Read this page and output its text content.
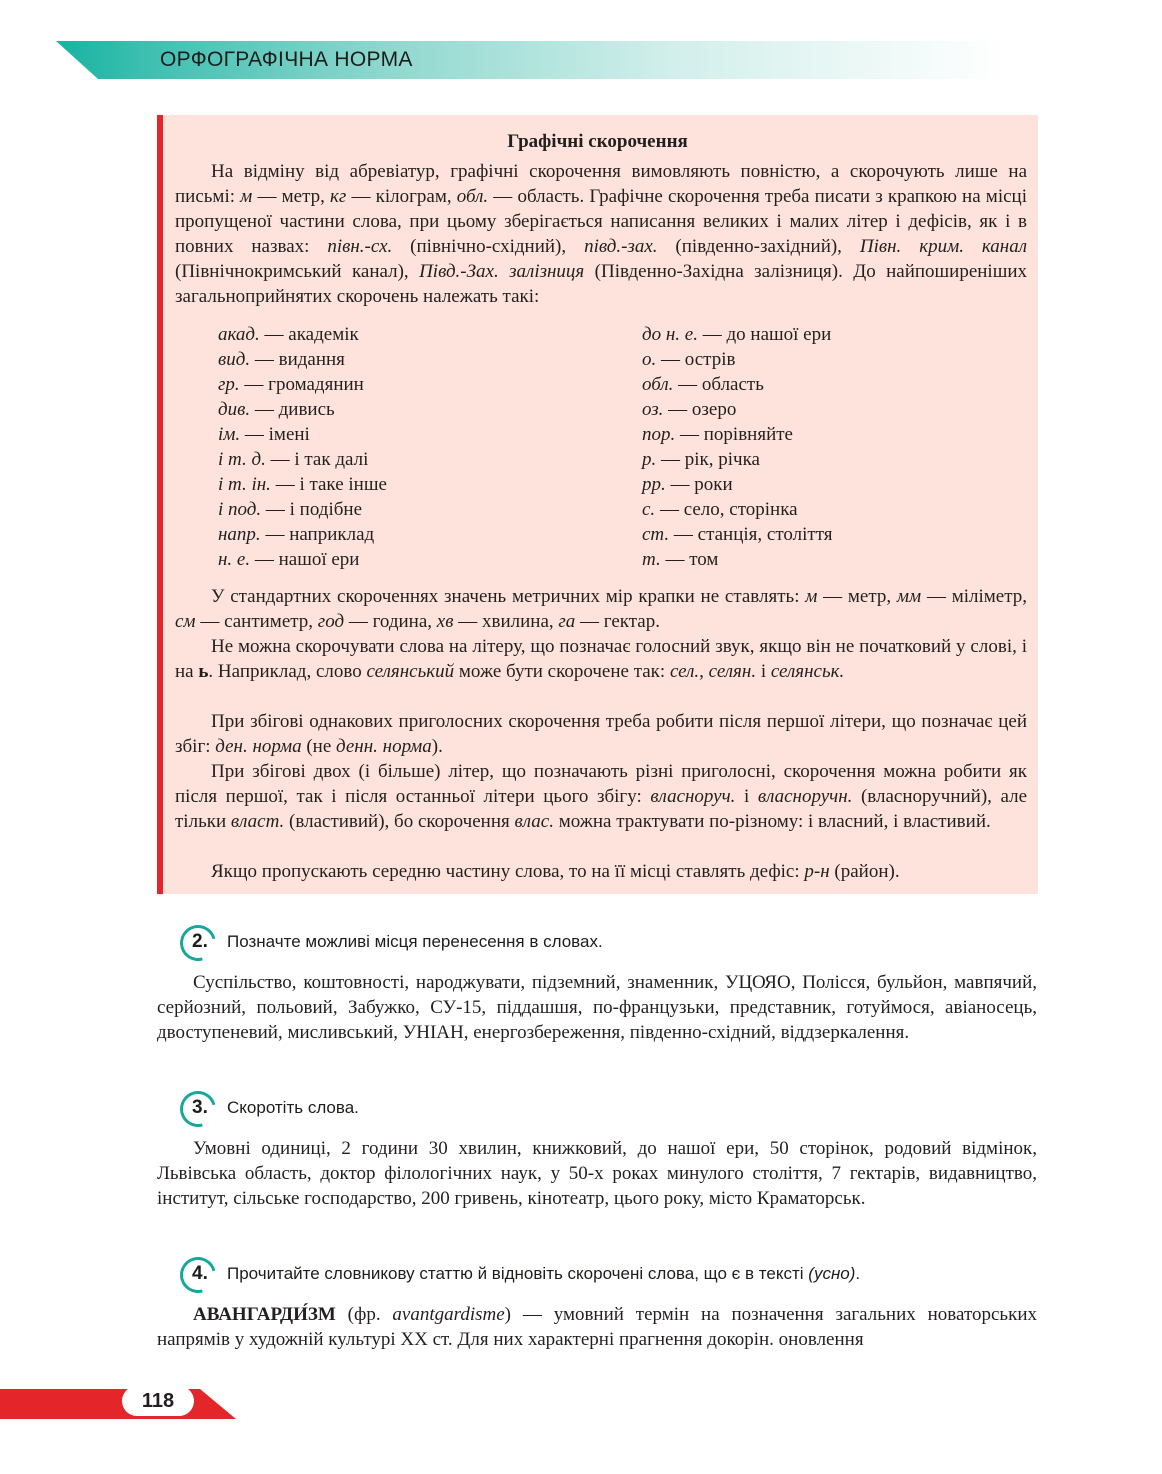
ОРФОГРАФІЧНА НОРМА
Графічні скорочення
На відміну від абревіатур, графічні скорочення вимовляють повністю, а скорочують лише на письмі: м — метр, кг — кілограм, обл. — область. Графічне скорочення треба писати з крапкою на місці пропущеної частини слова, при цьому зберігається написання великих і малих літер і дефісів, як і в повних назвах: півн.-сх. (північно-східний), півд.-зах. (південно-західний), Півн. крим. канал (Північнокримський канал), Півд.-Зах. залізниця (Південно-Західна залізниця). До найпоширеніших загальноприйнятих скорочень належать такі:
акад. — академік
вид. — видання
гр. — громадянин
див. — дивись
ім. — імені
і т. д. — і так далі
і т. ін. — і таке інше
і под. — і подібне
напр. — наприклад
н. е. — нашої ери
до н. е. — до нашої ери
о. — острів
обл. — область
оз. — озеро
пор. — порівняйте
р. — рік, річка
рр. — роки
с. — село, сторінка
ст. — станція, століття
т. — том
У стандартних скороченнях значень метричних мір крапки не ставлять: м — метр, мм — міліметр, см — сантиметр, год — година, хв — хвилина, га — гектар.
Не можна скорочувати слова на літеру, що позначає голосний звук, якщо він не початковий у слові, і на ь. Наприклад, слово селянський може бути скорочене так: сел., селян. і селянськ.
При збігові однакових приголосних скорочення треба робити після першої літери, що позначає цей збіг: ден. норма (не денн. норма).
При збігові двох (і більше) літер, що позначають різні приголосні, скорочення можна робити як після першої, так і після останньої літери цього збігу: власноруч. і власноручн. (власноручний), але тільки власт. (властивий), бо скорочення влас. можна трактувати по-різному: і власний, і властивий.
Якщо пропускають середню частину слова, то на її місці ставлять дефіс: р-н (район).
2. Позначте можливі місця перенесення в словах.
Суспільство, коштовності, народжувати, підземний, знаменник, УЦОЯО, Полісся, бульйон, мавпячий, серйозний, польовий, Забужко, СУ-15, піддашшя, по-французьки, представник, готуймося, авіаносець, двоступеневий, мисливський, УНІАН, енергозбереження, південно-східний, віддзеркалення.
3. Скоротіть слова.
Умовні одиниці, 2 години 30 хвилин, книжковий, до нашої ери, 50 сторінок, родовий відмінок, Львівська область, доктор філологічних наук, у 50-х роках минулого століття, 7 гектарів, видавництво, інститут, сільське господарство, 200 гривень, кінотеатр, цього року, місто Краматорськ.
4. Прочитайте словникову статтю й відновіть скорочені слова, що є в тексті (усно).
АВАНГАРДИ́ЗМ (фр. avantgardisme) — умовний термін на позначення загальних новаторських напрямів у художній культурі XX ст. Для них характерні прагнення докорін. оновлення
118
